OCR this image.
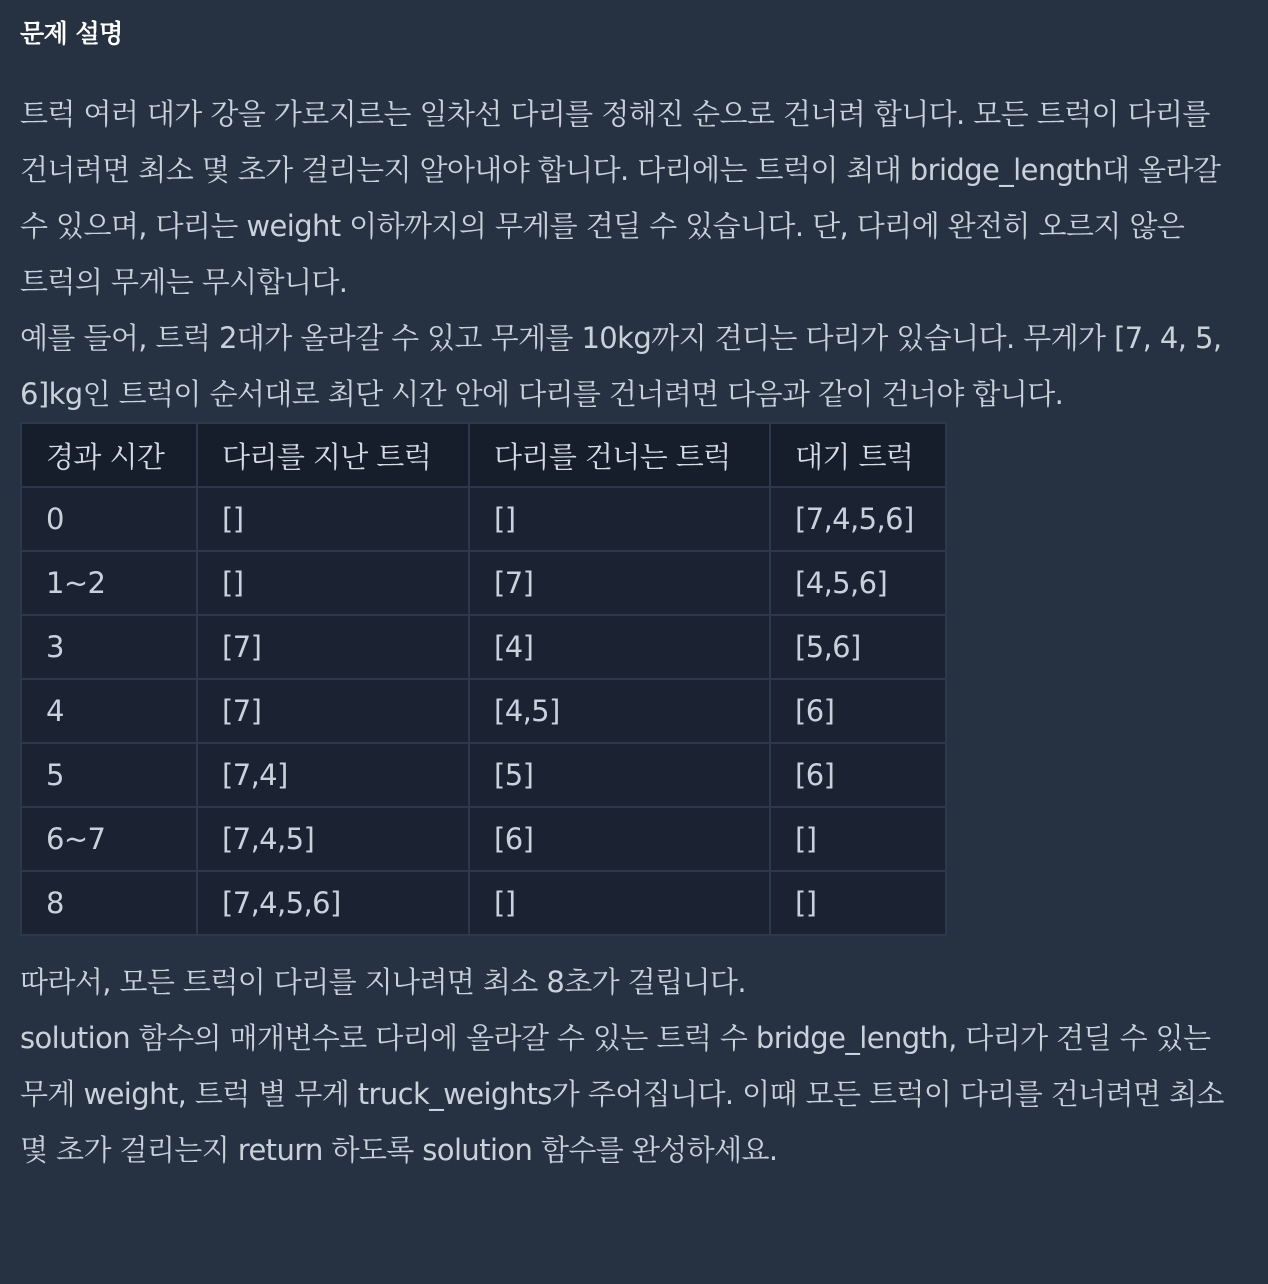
문제 설명

트럭 여러 대가 강을 가로지르는 일차선 다리를 정해진 순으로 건너려 합니다. 모든 트럭이 다리를 건너려면 최소 몇 초가 걸리는지 알아내야 합니다. 다리에는 트럭이 최대 bridge_length대 올라갈 수 있으며, 다리는 weight 이하까지의 무게를 견딜 수 있습니다. 단, 다리에 완전히 오르지 않은 트럭의 무게는 무시합니다.

예를 들어, 트럭 2대가 올라갈 수 있고 무게를 10kg까지 견디는 다리가 있습니다. 무게가 [7, 4, 5, 6]kg인 트럭이 순서대로 최단 시간 안에 다리를 건너려면 다음과 같이 건너야 합니다.

경과 시간	다리를 지난 트럭	다리를 건너는 트럭	대기 트럭
0	[]	[]	[7,4,5,6]
1~2	[]	[7]	[4,5,6]
3	[7]	[4]	[5,6]
4	[7]	[4,5]	[6]
5	[7,4]	[5]	[6]
6~7	[7,4,5]	[6]	[]
8	[7,4,5,6]	[]	[]

따라서, 모든 트럭이 다리를 지나려면 최소 8초가 걸립니다.

solution 함수의 매개변수로 다리에 올라갈 수 있는 트럭 수 bridge_length, 다리가 견딜 수 있는 무게 weight, 트럭 별 무게 truck_weights가 주어집니다. 이때 모든 트럭이 다리를 건너려면 최소 몇 초가 걸리는지 return 하도록 solution 함수를 완성하세요.
